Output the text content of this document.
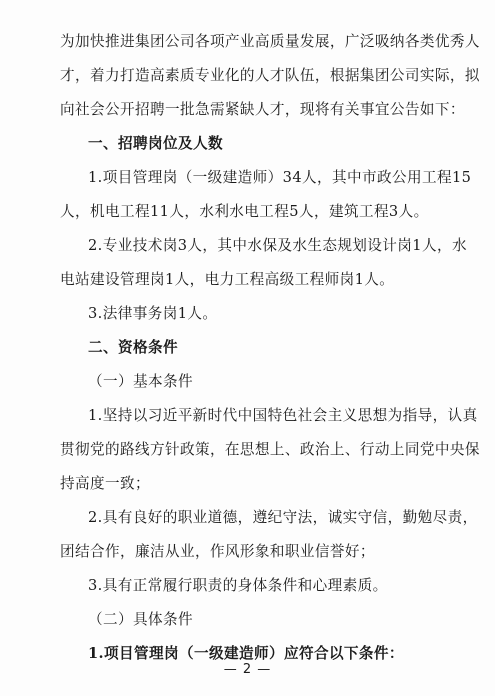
为加快推进集团公司各项产业高质量发展，广泛吸纳各类优秀人
才，着力打造高素质专业化的人才队伍，根据集团公司实际，拟
向社会公开招聘一批急需紧缺人才，现将有关事宜公告如下：
一、招聘岗位及人数
1.项目管理岗（一级建造师）34人，其中市政公用工程15
人，机电工程11人，水利水电工程5人，建筑工程3人。
2.专业技术岗3人，其中水保及水生态规划设计岗1人，水
电站建设管理岗1人，电力工程高级工程师岗1人。
3.法律事务岗1人。
二、资格条件
（一）基本条件
1.坚持以习近平新时代中国特色社会主义思想为指导，认真
贯彻党的路线方针政策，在思想上、政治上、行动上同党中央保
持高度一致；
2.具有良好的职业道德，遵纪守法，诚实守信，勤勉尽责，
团结合作，廉洁从业，作风形象和职业信誉好；
3.具有正常履行职责的身体条件和心理素质。
（二）具体条件
1.项目管理岗（一级建造师）应符合以下条件：
— 2 —
